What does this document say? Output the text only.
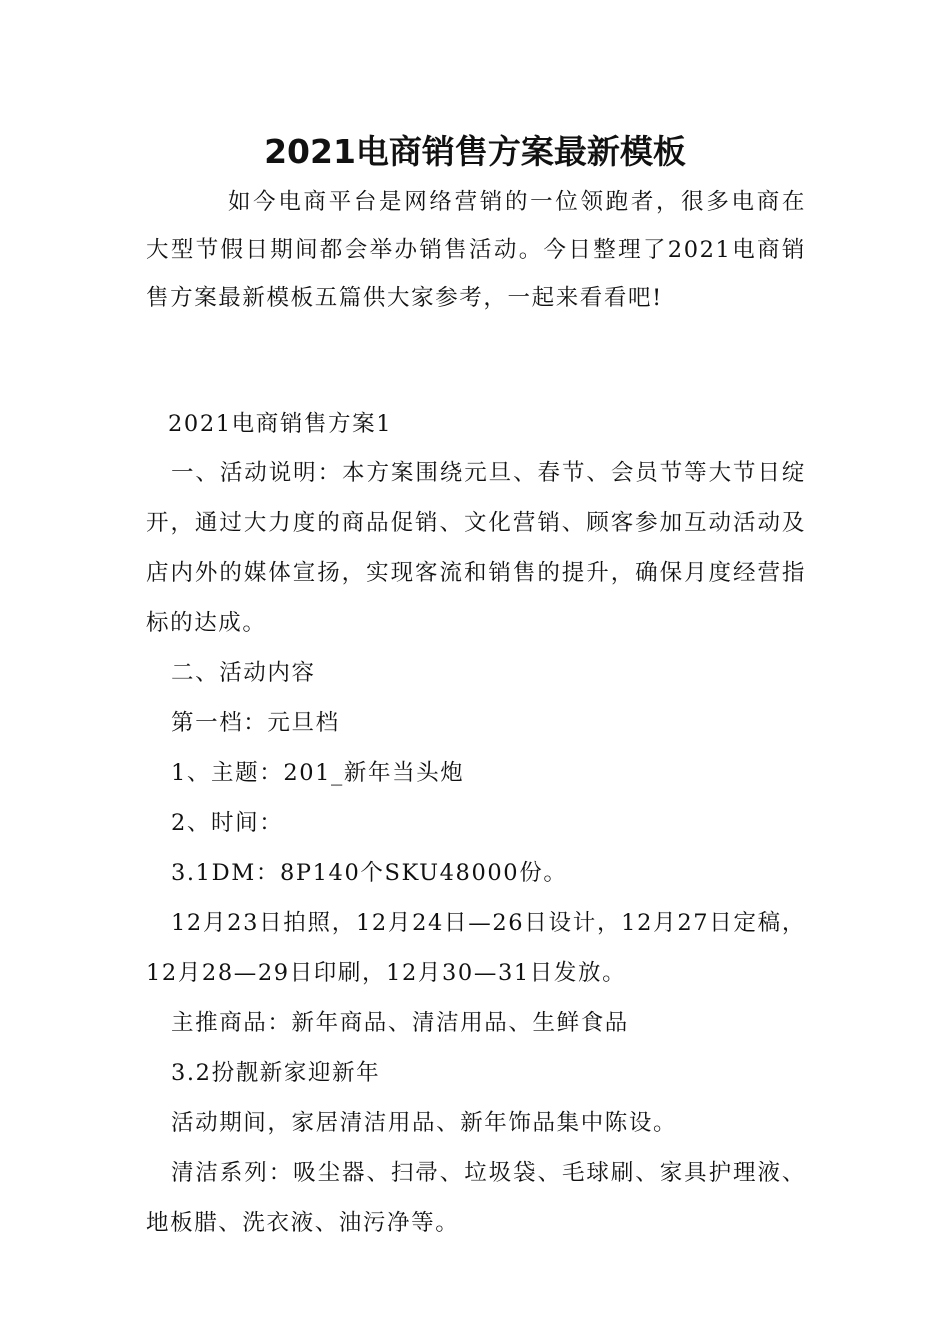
2021电商销售方案最新模板

如今电商平台是网络营销的一位领跑者，很多电商在大型节假日期间都会举办销售活动。今日整理了2021电商销售方案最新模板五篇供大家参考，一起来看看吧!

2021电商销售方案1

一、活动说明：本方案围绕元旦、春节、会员节等大节日绽开，通过大力度的商品促销、文化营销、顾客参加互动活动及店内外的媒体宣扬，实现客流和销售的提升，确保月度经营指标的达成。

二、活动内容

第一档：元旦档

1、主题：201_新年当头炮

2、时间：

3.1DM：8P140个SKU48000份。

12月23日拍照，12月24日—26日设计，12月27日定稿，12月28—29日印刷，12月30—31日发放。

主推商品：新年商品、清洁用品、生鲜食品

3.2扮靓新家迎新年

活动期间，家居清洁用品、新年饰品集中陈设。

清洁系列：吸尘器、扫帚、垃圾袋、毛球刷、家具护理液、地板腊、洗衣液、油污净等。
